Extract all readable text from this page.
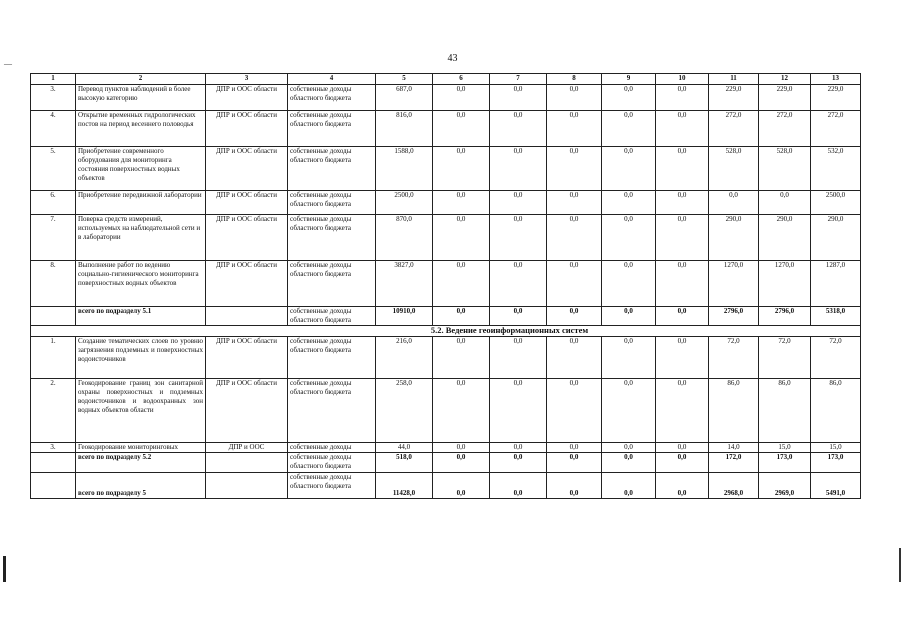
43
—
1	2	3	4	5	6	7	8	9	10	11	12	13
3.	Перевод пунктов наблюдений в более высокую категорию	ДПР и ООС области	собственные доходы областного бюджета	687,0	0,0	0,0	0,0	0,0	0,0	229,0	229,0	229,0
4.	Открытие временных гидрологических постов на период весеннего половодья	ДПР и ООС области	собственные доходы областного бюджета	816,0	0,0	0,0	0,0	0,0	0,0	272,0	272,0	272,0
5.	Приобретение современного оборудования для мониторинга состояния поверхностных водных объектов	ДПР и ООС области	собственные доходы областного бюджета	1588,0	0,0	0,0	0,0	0,0	0,0	528,0	528,0	532,0
6.	Приобретение передвижной лаборатории	ДПР и ООС области	собственные доходы областного бюджета	2500,0	0,0	0,0	0,0	0,0	0,0	0,0	0,0	2500,0
7.	Поверка средств измерений, используемых на наблюдательной сети и в лаборатории	ДПР и ООС области	собственные доходы областного бюджета	870,0	0,0	0,0	0,0	0,0	0,0	290,0	290,0	290,0
8.	Выполнение работ по ведению социально-гигиенического мониторинга поверхностных водных объектов	ДПР и ООС области	собственные доходы областного бюджета	3827,0	0,0	0,0	0,0	0,0	0,0	1270,0	1270,0	1287,0
	всего по подразделу 5.1		собственные доходы областного бюджета	10910,0	0,0	0,0	0,0	0,0	0,0	2796,0	2796,0	5318,0
5.2. Ведение геоинформационных систем												
1.	Создание тематических слоев по уровню загрязнения подземных и поверхностных водоисточников	ДПР и ООС области	собственные доходы областного бюджета	216,0	0,0	0,0	0,0	0,0	0,0	72,0	72,0	72,0
2.	Геокодирование границ зон санитарной охраны поверхностных и подземных водоисточников и водоохранных зон водных объектов области	ДПР и ООС области	собственные доходы областного бюджета	258,0	0,0	0,0	0,0	0,0	0,0	86,0	86,0	86,0
3.	Геокодирование мониторинговых	ДПР и ООС	собственные доходы	44,0	0,0	0,0	0,0	0,0	0,0	14,0	15,0	15,0
	всего по подразделу 5.2		собственные доходы областного бюджета	518,0	0,0	0,0	0,0	0,0	0,0	172,0	173,0	173,0
	всего по подразделу 5		собственные доходы областного бюджета	11428,0	0,0	0,0	0,0	0,0	0,0	2968,0	2969,0	5491,0
